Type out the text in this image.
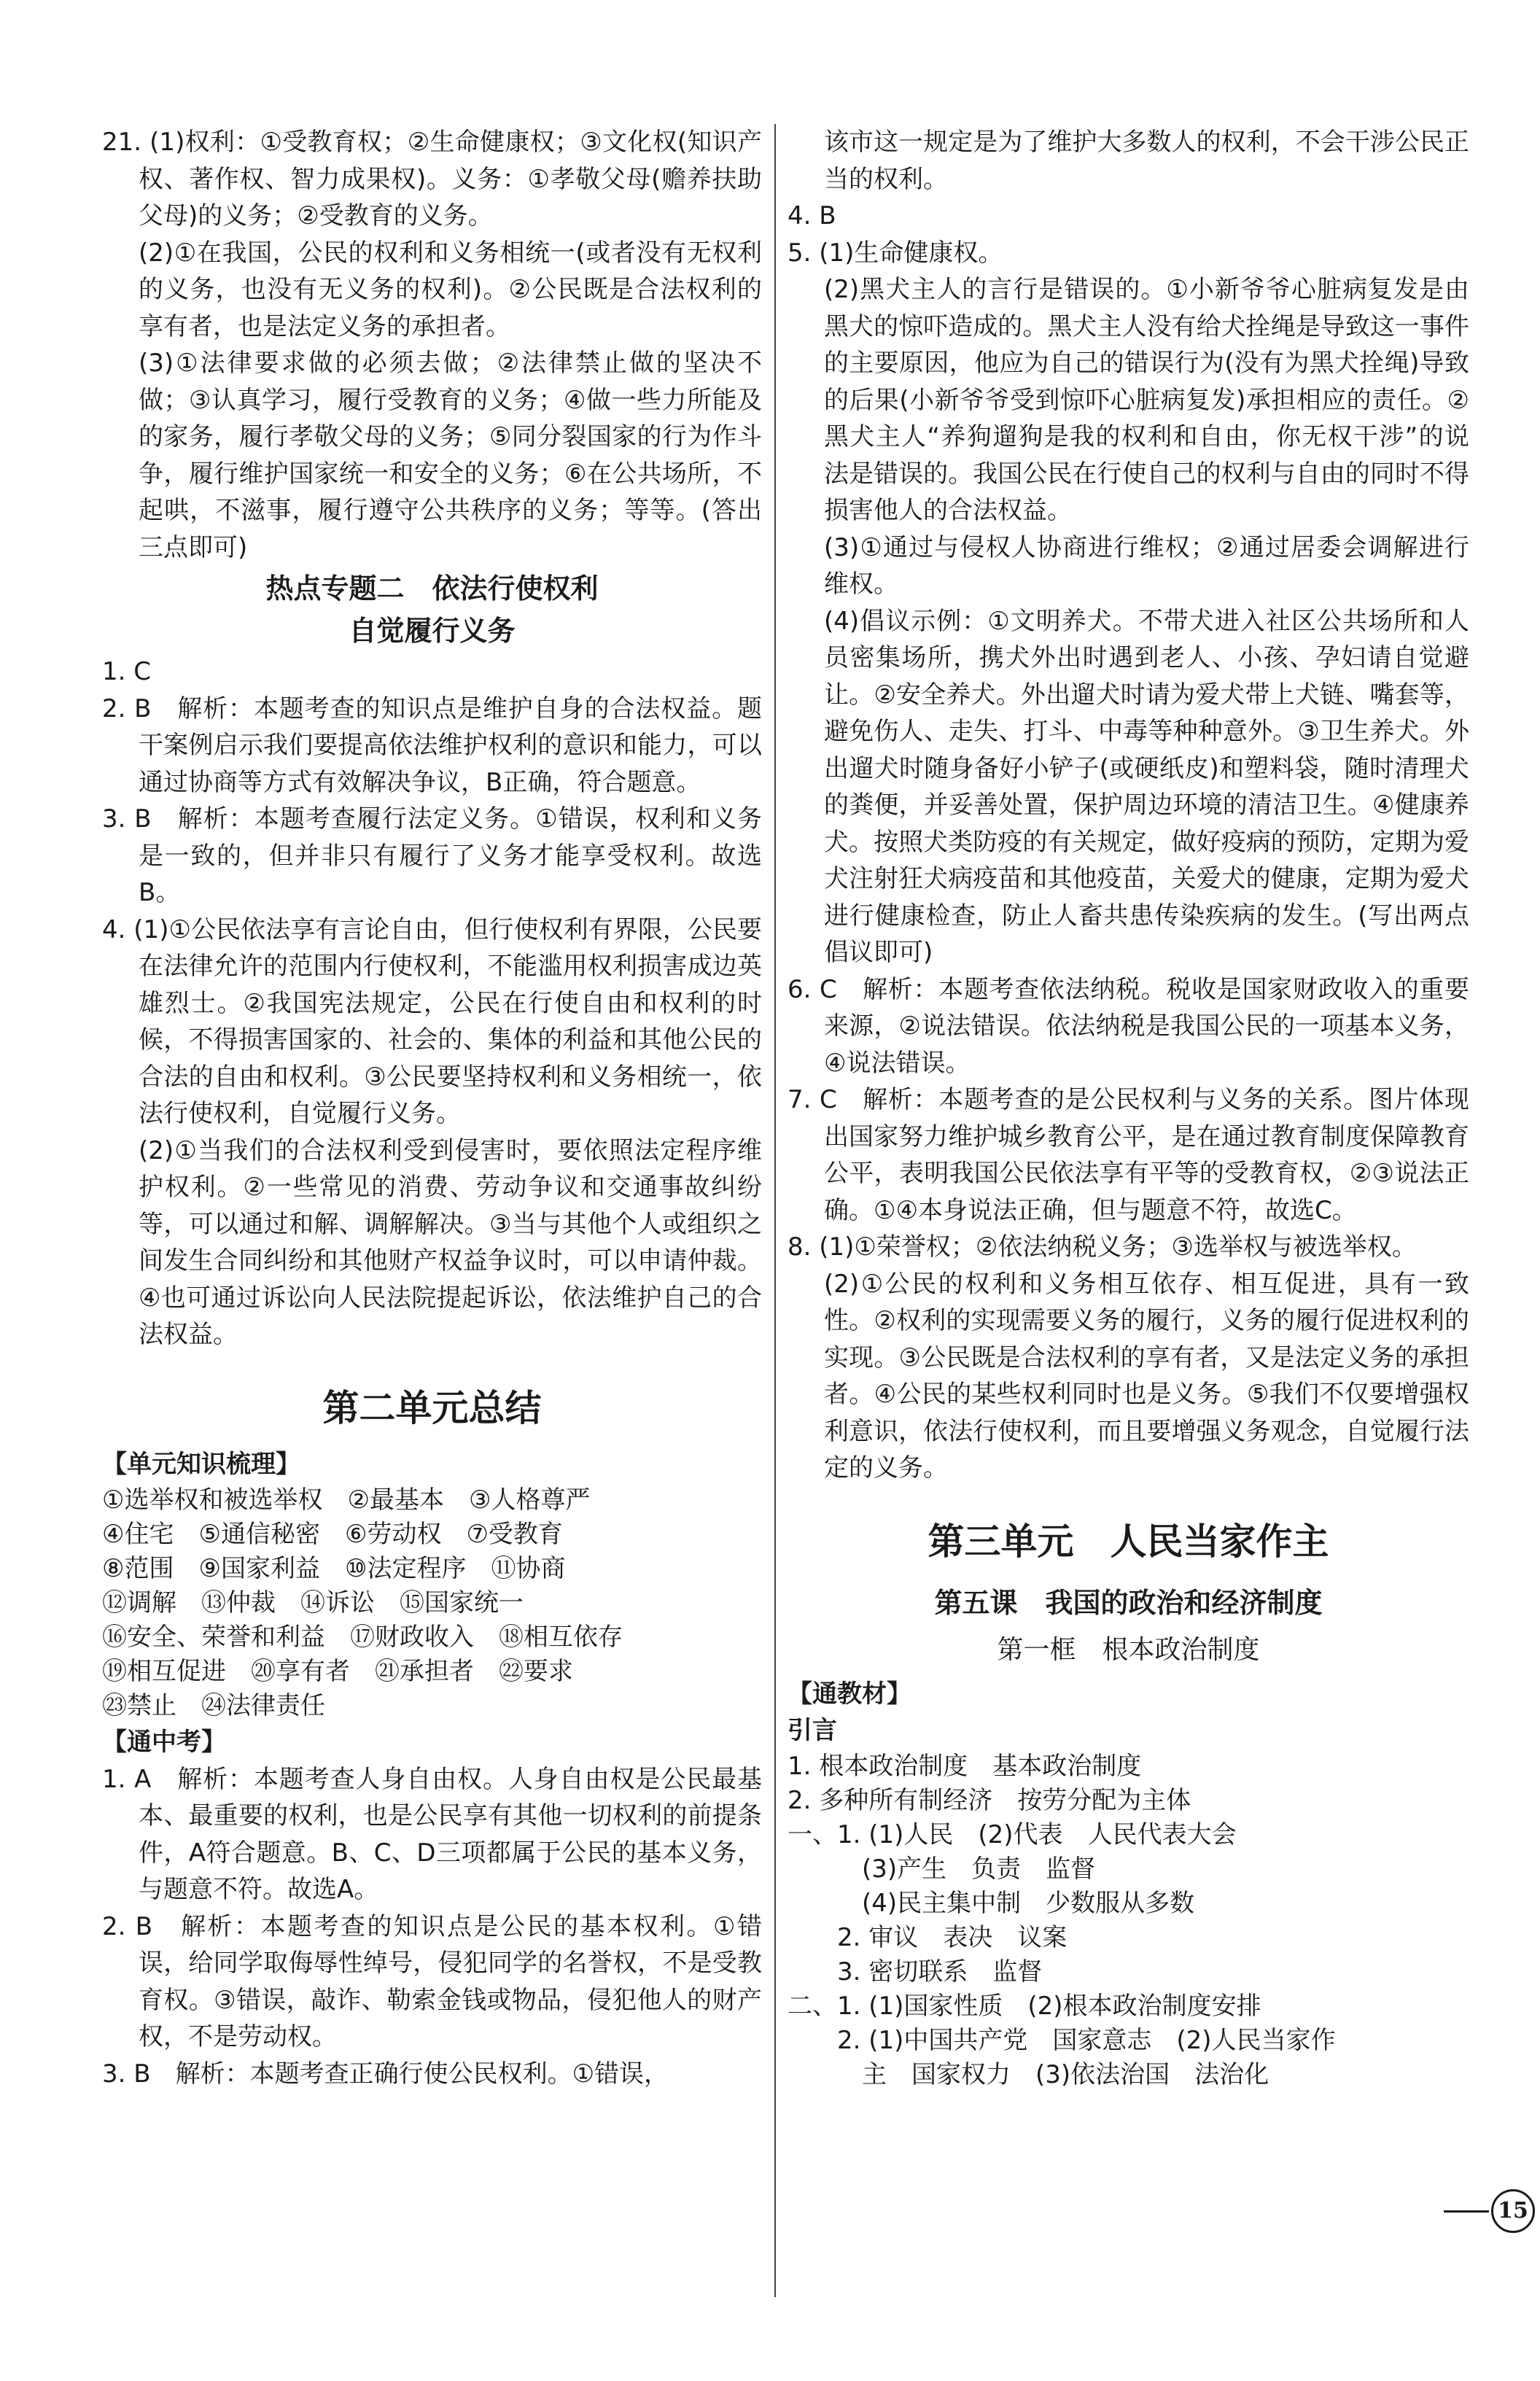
21. (1)权利：①受教育权；②生命健康权；③文化权(知识产权、著作权、智力成果权)。义务：①孝敬父母(赡养扶助父母)的义务；②受教育的义务。

(2)①在我国，公民的权利和义务相统一(或者没有无权利的义务，也没有无义务的权利)。②公民既是合法权利的享有者，也是法定义务的承担者。

(3)①法律要求做的必须去做；②法律禁止做的坚决不做；③认真学习，履行受教育的义务；④做一些力所能及的家务，履行孝敬父母的义务；⑤同分裂国家的行为作斗争，履行维护国家统一和安全的义务；⑥在公共场所，不起哄，不滋事，履行遵守公共秩序的义务；等等。(答出三点即可)

热点专题二　依法行使权利
自觉履行义务

1. C

2. B　解析：本题考查的知识点是维护自身的合法权益。题干案例启示我们要提高依法维护权利的意识和能力，可以通过协商等方式有效解决争议，B正确，符合题意。

3. B　解析：本题考查履行法定义务。①错误，权利和义务是一致的，但并非只有履行了义务才能享受权利。故选B。

4. (1)①公民依法享有言论自由，但行使权利有界限，公民要在法律允许的范围内行使权利，不能滥用权利损害成边英雄烈士。②我国宪法规定，公民在行使自由和权利的时候，不得损害国家的、社会的、集体的利益和其他公民的合法的自由和权利。③公民要坚持权利和义务相统一，依法行使权利，自觉履行义务。

(2)①当我们的合法权利受到侵害时，要依照法定程序维护权利。②一些常见的消费、劳动争议和交通事故纠纷等，可以通过和解、调解解决。③当与其他个人或组织之间发生合同纠纷和其他财产权益争议时，可以申请仲裁。④也可通过诉讼向人民法院提起诉讼，依法维护自己的合法权益。

第二单元总结
【单元知识梳理】
①选举权和被选举权　②最基本　③人格尊严
④住宅　⑤通信秘密　⑥劳动权　⑦受教育
⑧范围　⑨国家利益　⑩法定程序　⑪协商
⑫调解　⑬仲裁　⑭诉讼　⑮国家统一
⑯安全、荣誉和利益　⑰财政收入　⑱相互依存
⑲相互促进　⑳享有者　㉑承担者　㉒要求
㉓禁止　㉔法律责任
【通中考】

1. A　解析：本题考查人身自由权。人身自由权是公民最基本、最重要的权利，也是公民享有其他一切权利的前提条件，A符合题意。B、C、D三项都属于公民的基本义务，与题意不符。故选A。

2. B　解析：本题考查的知识点是公民的基本权利。①错误，给同学取侮辱性绰号，侵犯同学的名誉权，不是受教育权。③错误，敲诈、勒索金钱或物品，侵犯他人的财产权，不是劳动权。

3. B　解析：本题考查正确行使公民权利。①错误，

该市这一规定是为了维护大多数人的权利，不会干涉公民正当的权利。

4. B

5. (1)生命健康权。

(2)黑犬主人的言行是错误的。①小新爷爷心脏病复发是由黑犬的惊吓造成的。黑犬主人没有给犬拴绳是导致这一事件的主要原因，他应为自己的错误行为(没有为黑犬拴绳)导致的后果(小新爷爷受到惊吓心脏病复发)承担相应的责任。②黑犬主人“养狗遛狗是我的权利和自由，你无权干涉”的说法是错误的。我国公民在行使自己的权利与自由的同时不得损害他人的合法权益。

(3)①通过与侵权人协商进行维权；②通过居委会调解进行维权。

(4)倡议示例：①文明养犬。不带犬进入社区公共场所和人员密集场所，携犬外出时遇到老人、小孩、孕妇请自觉避让。②安全养犬。外出遛犬时请为爱犬带上犬链、嘴套等，避免伤人、走失、打斗、中毒等种种意外。③卫生养犬。外出遛犬时随身备好小铲子(或硬纸皮)和塑料袋，随时清理犬的粪便，并妥善处置，保护周边环境的清洁卫生。④健康养犬。按照犬类防疫的有关规定，做好疫病的预防，定期为爱犬注射狂犬病疫苗和其他疫苗，关爱犬的健康，定期为爱犬进行健康检查，防止人畜共患传染疾病的发生。(写出两点倡议即可)

6. C　解析：本题考查依法纳税。税收是国家财政收入的重要来源，②说法错误。依法纳税是我国公民的一项基本义务，④说法错误。

7. C　解析：本题考查的是公民权利与义务的关系。图片体现出国家努力维护城乡教育公平，是在通过教育制度保障教育公平，表明我国公民依法享有平等的受教育权，②③说法正确。①④本身说法正确，但与题意不符，故选C。

8. (1)①荣誉权；②依法纳税义务；③选举权与被选举权。

(2)①公民的权利和义务相互依存、相互促进，具有一致性。②权利的实现需要义务的履行，义务的履行促进权利的实现。③公民既是合法权利的享有者，又是法定义务的承担者。④公民的某些权利同时也是义务。⑤我们不仅要增强权利意识，依法行使权利，而且要增强义务观念，自觉履行法定的义务。

第三单元　人民当家作主
第五课　我国的政治和经济制度
第一框　根本政治制度
【通教材】
引言
1. 根本政治制度　基本政治制度
2. 多种所有制经济　按劳分配为主体
一、1. (1)人民　(2)代表　人民代表大会
　　　(3)产生　负责　监督
　　　(4)民主集中制　少数服从多数
　　2. 审议　表决　议案
　　3. 密切联系　监督
二、1. (1)国家性质　(2)根本政治制度安排
　　2. (1)中国共产党　国家意志　(2)人民当家作
　　　主　国家权力　(3)依法治国　法治化
15
